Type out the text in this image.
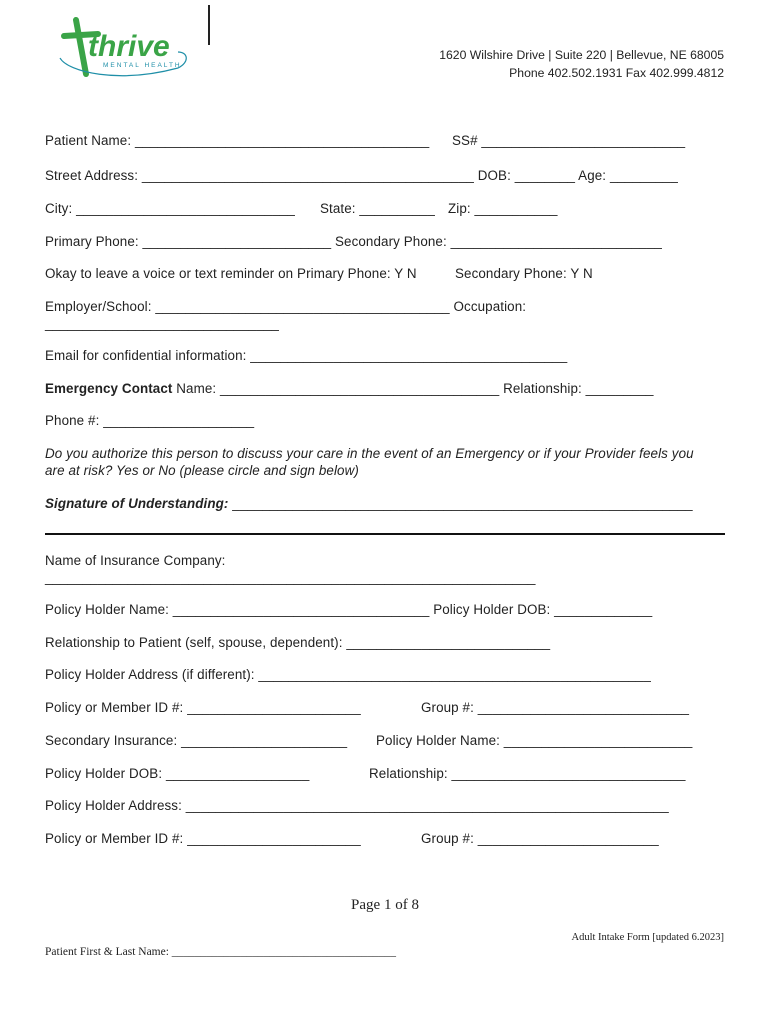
thrive
MENTAL HEALTH
1620 Wilshire Drive | Suite 220 | Bellevue, NE 68005
Phone 402.502.1931 Fax 402.999.4812
Patient Name: _______________________________________ SS# ___________________________
Street Address: ____________________________________________ DOB: ________ Age: _________
City: _____________________________ State: __________ Zip: ___________
Primary Phone: _________________________ Secondary Phone: ____________________________
Okay to leave a voice or text reminder on Primary Phone: Y N	Secondary Phone: Y N
Employer/School: _______________________________________ Occupation:
_______________________________
Email for confidential information: __________________________________________
Emergency Contact Name: _____________________________________ Relationship: _________
Phone #: ____________________
Do you authorize this person to discuss your care in the event of an Emergency or if your Provider feels you
are at risk? Yes or No (please circle and sign below)
Signature of Understanding: _____________________________________________________________
Name of Insurance Company:
_________________________________________________________________
Policy Holder Name: __________________________________ Policy Holder DOB: _____________
Relationship to Patient (self, spouse, dependent): ___________________________
Policy Holder Address (if different): ____________________________________________________
Policy or Member ID #: _______________________	Group #: ____________________________
Secondary Insurance: ______________________ Policy Holder Name: _________________________
Policy Holder DOB: ___________________	Relationship: _______________________________
Policy Holder Address: ________________________________________________________________
Policy or Member ID #: _______________________	Group #: ________________________
Page 1 of 8
Adult Intake Form [updated 6.2023]
Patient First & Last Name: _______________________________________
